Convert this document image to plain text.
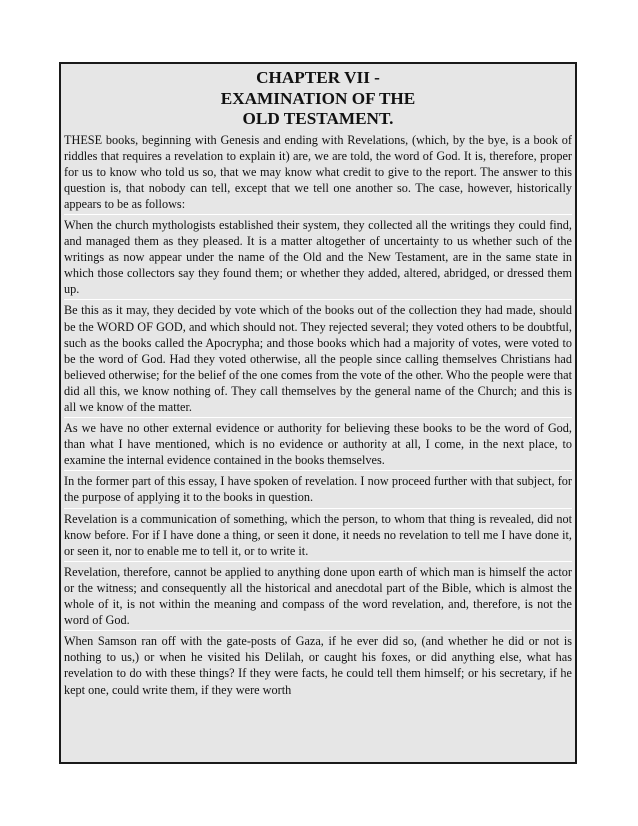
CHAPTER VII -
EXAMINATION OF THE
OLD TESTAMENT.

THESE books, beginning with Genesis and ending with Revelations, (which, by the bye, is a book of riddles that requires a revelation to explain it) are, we are told, the word of God. It is, therefore, proper for us to know who told us so, that we may know what credit to give to the report. The answer to this question is, that nobody can tell, except that we tell one another so. The case, however, historically appears to be as follows:

When the church mythologists established their system, they collected all the writings they could find, and managed them as they pleased. It is a matter altogether of uncertainty to us whether such of the writings as now appear under the name of the Old and the New Testament, are in the same state in which those collectors say they found them; or whether they added, altered, abridged, or dressed them up.

Be this as it may, they decided by vote which of the books out of the collection they had made, should be the WORD OF GOD, and which should not. They rejected several; they voted others to be doubtful, such as the books called the Apocrypha; and those books which had a majority of votes, were voted to be the word of God. Had they voted otherwise, all the people since calling themselves Christians had believed otherwise; for the belief of the one comes from the vote of the other. Who the people were that did all this, we know nothing of. They call themselves by the general name of the Church; and this is all we know of the matter.

As we have no other external evidence or authority for believing these books to be the word of God, than what I have mentioned, which is no evidence or authority at all, I come, in the next place, to examine the internal evidence contained in the books themselves.

In the former part of this essay, I have spoken of revelation. I now proceed further with that subject, for the purpose of applying it to the books in question.

Revelation is a communication of something, which the person, to whom that thing is revealed, did not know before. For if I have done a thing, or seen it done, it needs no revelation to tell me I have done it, or seen it, nor to enable me to tell it, or to write it.

Revelation, therefore, cannot be applied to anything done upon earth of which man is himself the actor or the witness; and consequently all the historical and anecdotal part of the Bible, which is almost the whole of it, is not within the meaning and compass of the word revelation, and, therefore, is not the word of God.

When Samson ran off with the gate-posts of Gaza, if he ever did so, (and whether he did or not is nothing to us,) or when he visited his Delilah, or caught his foxes, or did anything else, what has revelation to do with these things? If they were facts, he could tell them himself; or his secretary, if he kept one, could write them, if they were worth
